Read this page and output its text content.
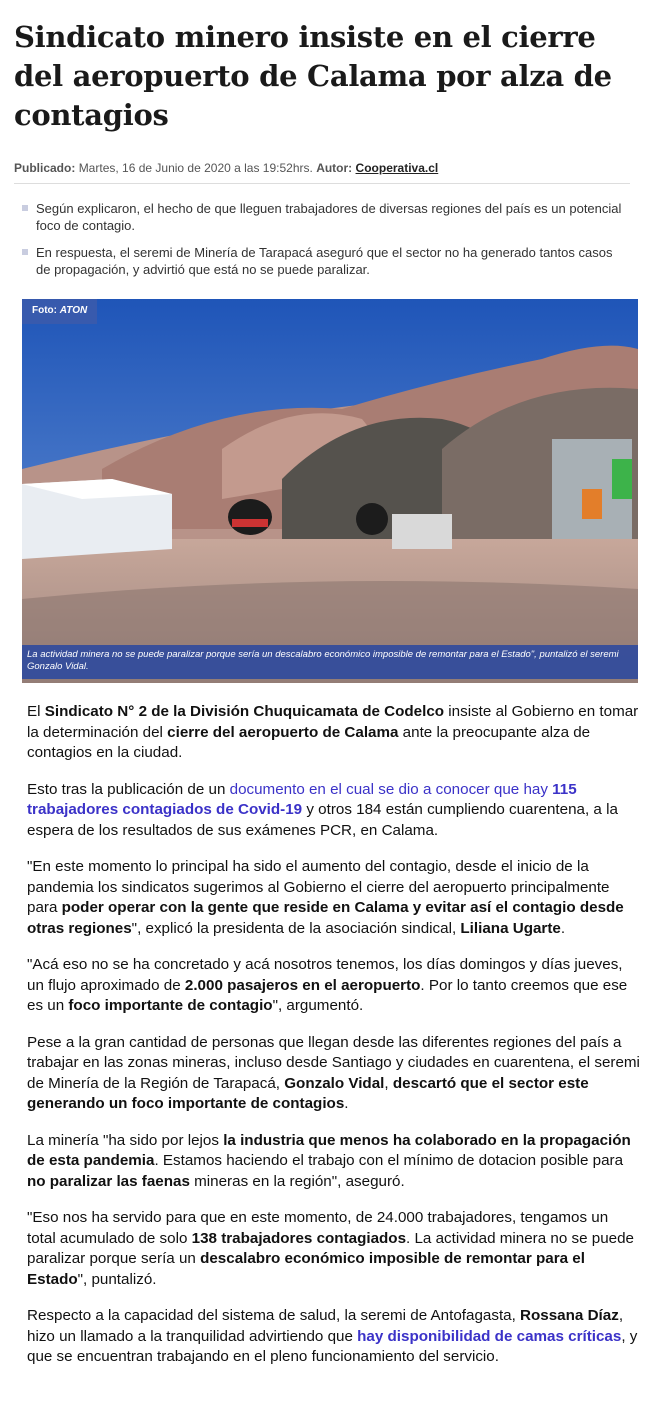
Sindicato minero insiste en el cierre del aeropuerto de Calama por alza de contagios
Publicado: Martes, 16 de Junio de 2020 a las 19:52hrs. Autor: Cooperativa.cl
Según explicaron, el hecho de que lleguen trabajadores de diversas regiones del país es un potencial foco de contagio.
En respuesta, el seremi de Minería de Tarapacá aseguró que el sector no ha generado tantos casos de propagación, y advirtió que está no se puede paralizar.
Foto: ATON
La actividad minera no se puede paralizar porque sería un descalabro económico imposible de remontar para el Estado", puntalizó el seremi Gonzalo Vidal.

El Sindicato N° 2 de la División Chuquicamata de Codelco insiste al Gobierno en tomar la determinación del cierre del aeropuerto de Calama ante la preocupante alza de contagios en la ciudad.

Esto tras la publicación de un documento en el cual se dio a conocer que hay 115 trabajadores contagiados de Covid-19 y otros 184 están cumpliendo cuarentena, a la espera de los resultados de sus exámenes PCR, en Calama.

"En este momento lo principal ha sido el aumento del contagio, desde el inicio de la pandemia los sindicatos sugerimos al Gobierno el cierre del aeropuerto principalmente para poder operar con la gente que reside en Calama y evitar así el contagio desde otras regiones", explicó la presidenta de la asociación sindical, Liliana Ugarte.

"Acá eso no se ha concretado y acá nosotros tenemos, los días domingos y días jueves, un flujo aproximado de 2.000 pasajeros en el aeropuerto. Por lo tanto creemos que ese es un foco importante de contagio", argumentó.

Pese a la gran cantidad de personas que llegan desde las diferentes regiones del país a trabajar en las zonas mineras, incluso desde Santiago y ciudades en cuarentena, el seremi de Minería de la Región de Tarapacá, Gonzalo Vidal, descartó que el sector este generando un foco importante de contagios.

La minería "ha sido por lejos la industria que menos ha colaborado en la propagación de esta pandemia. Estamos haciendo el trabajo con el mínimo de dotacion posible para no paralizar las faenas mineras en la región", aseguró.

"Eso nos ha servido para que en este momento, de 24.000 trabajadores, tengamos un total acumulado de solo 138 trabajadores contagiados. La actividad minera no se puede paralizar porque sería un descalabro económico imposible de remontar para el Estado", puntalizó.

Respecto a la capacidad del sistema de salud, la seremi de Antofagasta, Rossana Díaz, hizo un llamado a la tranquilidad advirtiendo que hay disponibilidad de camas críticas, y que se encuentran trabajando en el pleno funcionamiento del servicio.
